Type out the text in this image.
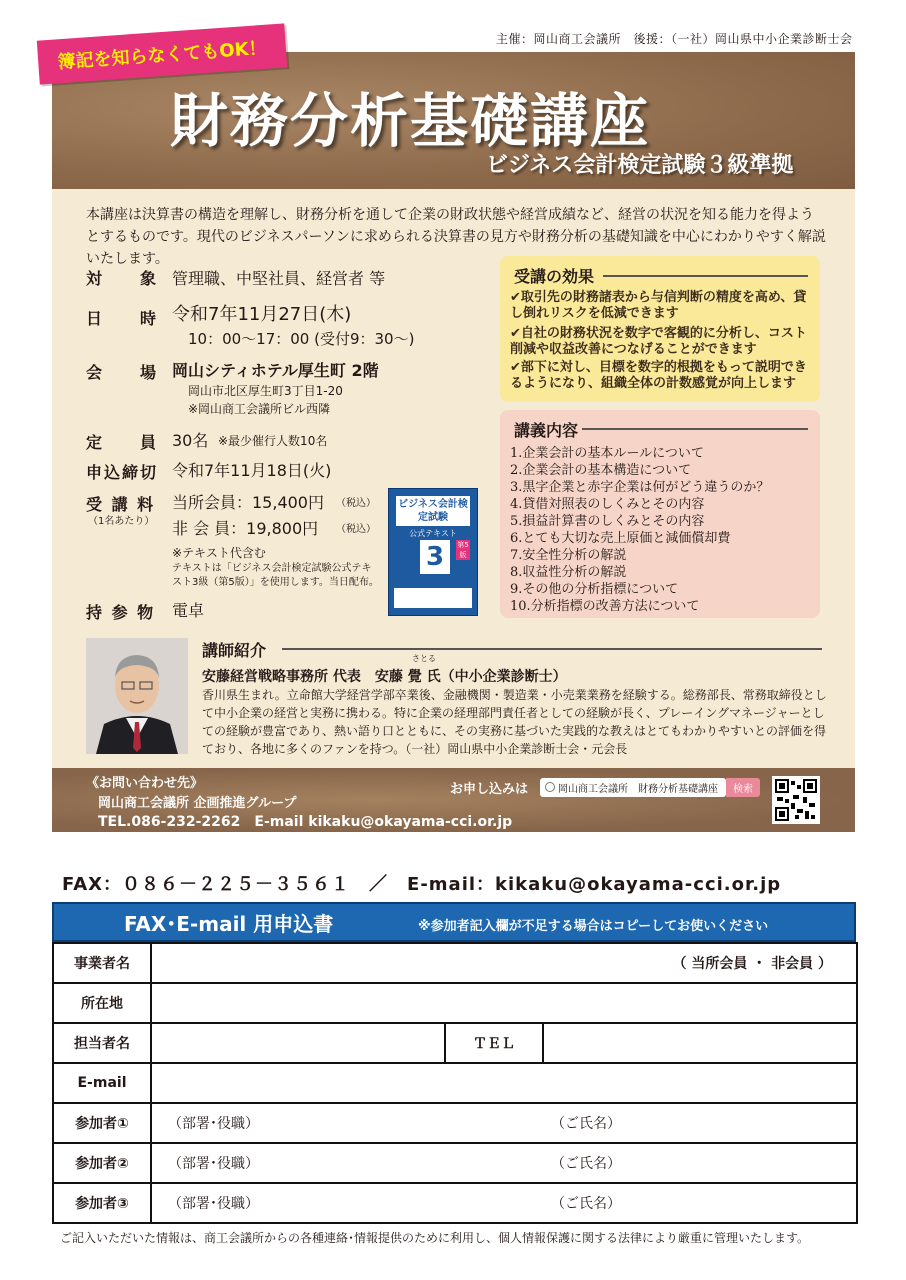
主催：岡山商工会議所　後援：（一社）岡山県中小企業診断士会
財務分析基礎講座
ビジネス会計検定試験３級準拠
簿記を知らなくてもOK！
本講座は決算書の構造を理解し、財務分析を通して企業の財政状態や経営成績など、経営の状況を知る能力を得ようとするものです。現代のビジネスパーソンに求められる決算書の見方や財務分析の基礎知識を中心にわかりやすく解説いたします。
対　　象 管理職、中堅社員、経営者 等
日　　時 令和7年11月27日(木)
10：00～17：00 (受付9：30～)
会　　場 岡山シティホテル厚生町 2階
岡山市北区厚生町3丁目1-20
※岡山商工会議所ビル西隣
定　　員 30名 ※最少催行人数10名
申込締切 令和7年11月18日(火)
受 講 料
（1名あたり）
当所会員：15,400円 （税込）
非 会 員：19,800円 （税込）
※テキスト代含む
テキストは「ビジネス会計検定試験公式テキスト3級（第5版）」を使用します。当日配布。
持 参 物 電卓
ビジネス会計検定試験
公式テキスト
3	第5版
受講の効果
✔取引先の財務諸表から与信判断の精度を高め、貸し倒れリスクを低減できます
✔自社の財務状況を数字で客観的に分析し、コスト削減や収益改善につなげることができます
✔部下に対し、目標を数字的根拠をもって説明できるようになり、組織全体の計数感覚が向上します
講義内容
1.企業会計の基本ルールについて
2.企業会計の基本構造について
3.黒字企業と赤字企業は何がどう違うのか？
4.貸借対照表のしくみとその内容
5.損益計算書のしくみとその内容
6.とても大切な売上原価と減価償却費
7.安全性分析の解説
8.収益性分析の解説
9.その他の分析指標について
10.分析指標の改善方法について
講師紹介	さとる
安藤経営戦略事務所 代表　安藤 覺 氏（中小企業診断士）
香川県生まれ。立命館大学経営学部卒業後、金融機関・製造業・小売業業務を経験する。総務部長、常務取締役として中小企業の経営と実務に携わる。特に企業の経理部門責任者としての経験が長く、プレーイングマネージャーとしての経験が豊富であり、熱い語り口とともに、その実務に基づいた実践的な教えはとてもわかりやすいとの評価を得ており、各地に多くのファンを持つ。（一社）岡山県中小企業診断士会・元会長
《お問い合わせ先》
岡山商工会議所 企画推進グループ
TEL.086-232-2262　E-mail kikaku@okayama-cci.or.jp
お申し込みは	岡山商工会議所　財務分析基礎講座	検索
FAX：０８６－２２５－３５６１　／　E-mail：kikaku@okayama-cci.or.jp
FAX･E-mail 用申込書	※参加者記入欄が不足する場合はコピーしてお使いください
事業者名	（ 当所会員 ・ 非会員 ）		
所在地			
担当者名		ＴＥＬ	
E-mail			
参加者①	（部署･役職）		（ご氏名）
参加者②	（部署･役職）		（ご氏名）
参加者③	（部署･役職）		（ご氏名）
ご記入いただいた情報は、商工会議所からの各種連絡･情報提供のために利用し、個人情報保護に関する法律により厳重に管理いたします。
